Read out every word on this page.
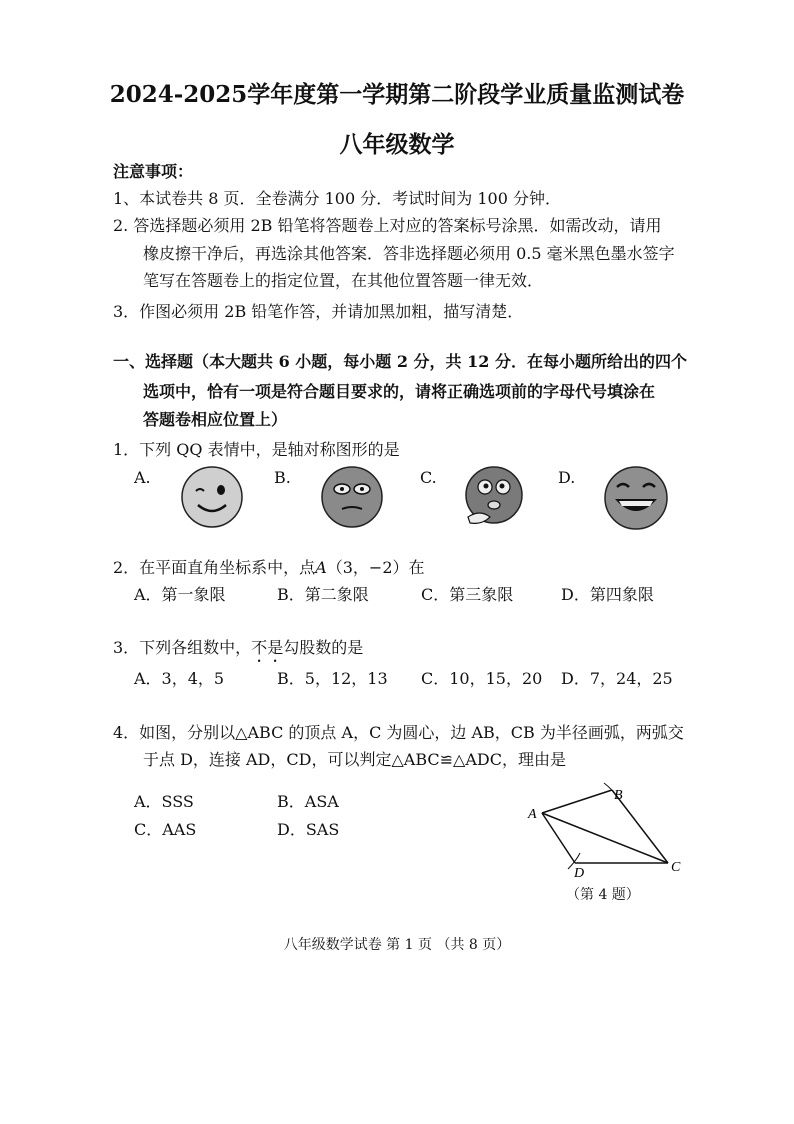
2024-2025学年度第一学期第二阶段学业质量监测试卷
八年级数学
注意事项：
1、本试卷共 8 页．全卷满分 100 分．考试时间为 100 分钟．
2. 答选择题必须用 2B 铅笔将答题卷上对应的答案标号涂黑．如需改动，请用
橡皮擦干净后，再选涂其他答案．答非选择题必须用 0.5 毫米黑色墨水签字
笔写在答题卷上的指定位置，在其他位置答题一律无效．
3．作图必须用 2B 铅笔作答，并请加黑加粗，描写清楚．
一、选择题（本大题共 6 小题，每小题 2 分，共 12 分．在每小题所给出的四个
选项中，恰有一项是符合题目要求的，请将正确选项前的字母代号填涂在
答题卷相应位置上）
1．下列 QQ 表情中，是轴对称图形的是
A.	B.	C.	D.
2．在平面直角坐标系中，点A（3，−2）在
A．第一象限	B．第二象限	C．第三象限	D．第四象限
3．下列各组数中，不是勾股数的是
A．3，4，5	B．5，12，13 C．10，15，20 D．7，24，25
4．如图，分别以△ABC 的顶点 A，C 为圆心，边 AB，CB 为半径画弧，两弧交
于点 D，连接 AD，CD，可以判定△ABC≌△ADC，理由是
A．SSS	B．ASA
C．AAS	D．SAS
A
B
C
D
（第 4 题）
八年级数学试卷 第 1 页 （共 8 页）
